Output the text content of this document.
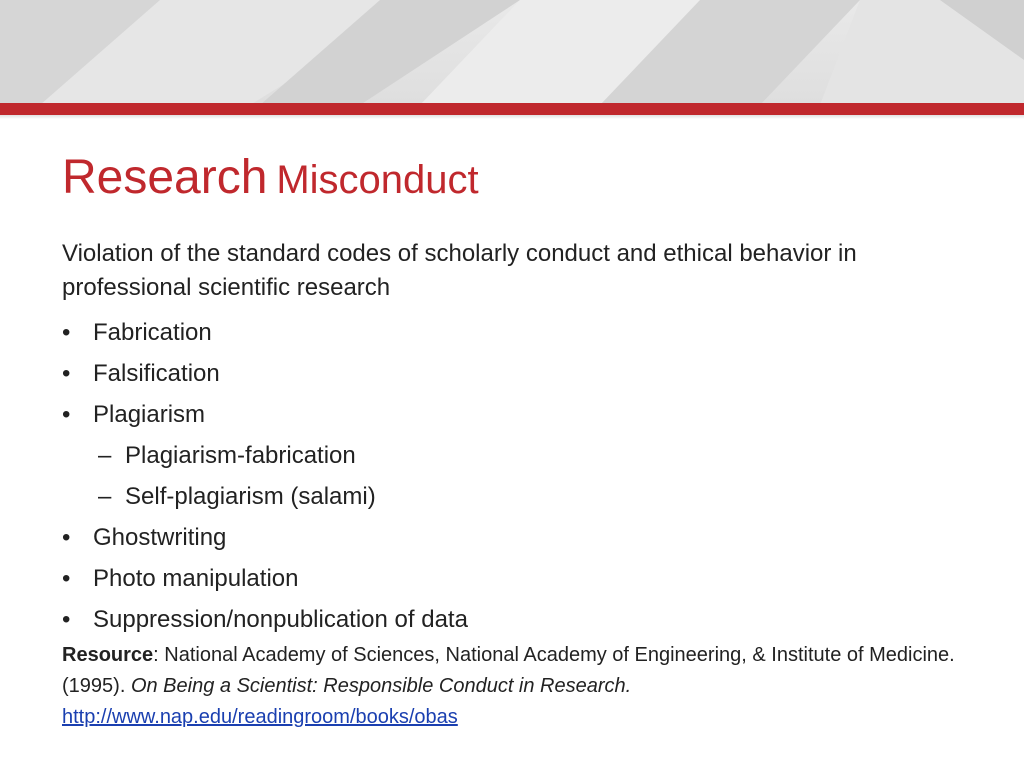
Research Misconduct

Violation of the standard codes of scholarly conduct and ethical behavior in professional scientific research

• Fabrication
• Falsification
• Plagiarism
– Plagiarism-fabrication
– Self-plagiarism (salami)
• Ghostwriting
• Photo manipulation
• Suppression/nonpublication of data

Resource: National Academy of Sciences, National Academy of Engineering, & Institute of Medicine. (1995). On Being a Scientist: Responsible Conduct in Research.
http://www.nap.edu/readingroom/books/obas
